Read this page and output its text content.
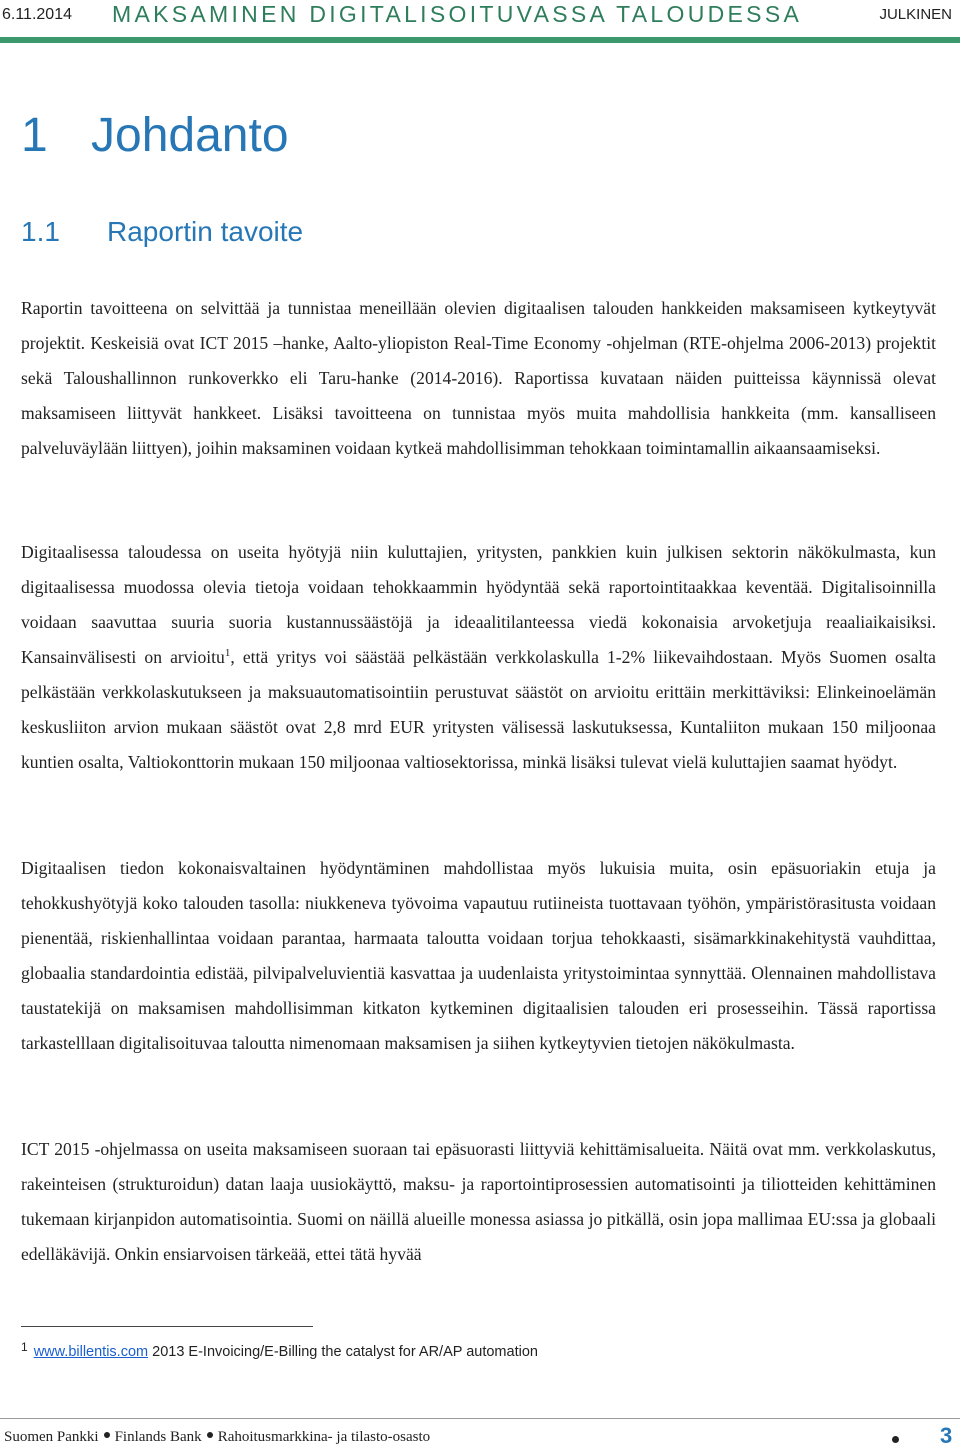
6.11.2014 MAKSAMINEN DIGITALISOITUVASSA TALOUDESSA	JULKINEN
1 Johdanto
1.1 Raportin tavoite

Raportin tavoitteena on selvittää ja tunnistaa meneillään olevien digitaalisen talouden hankkeiden maksamiseen kytkeytyvät projektit. Keskeisiä ovat ICT 2015 –hanke, Aalto-yliopiston Real-Time Economy -ohjelman (RTE-ohjelma 2006-2013) projektit sekä Taloushallinnon runkoverkko eli Taru-hanke (2014-2016). Raportissa kuvataan näiden puitteissa käynnissä olevat maksamiseen liittyvät hankkeet. Lisäksi tavoitteena on tunnistaa myös muita mahdollisia hankkeita (mm. kansalliseen palveluväylään liittyen), joihin maksaminen voidaan kytkeä mahdollisimman tehokkaan toimintamallin aikaansaamiseksi.

Digitaalisessa taloudessa on useita hyötyjä niin kuluttajien, yritysten, pankkien kuin julkisen sektorin näkökulmasta, kun digitaalisessa muodossa olevia tietoja voidaan tehokkaammin hyödyntää sekä raportointitaakkaa keventää. Digitalisoinnilla voidaan saavuttaa suuria suoria kustannussäästöjä ja ideaalitilanteessa viedä kokonaisia arvoketjuja reaaliaikaisiksi. Kansainvälisesti on arvioitu$^1$, että yritys voi säästää pelkästään verkkolaskulla 1-2% liikevaihdostaan. Myös Suomen osalta pelkästään verkkolaskutukseen ja maksuautomatisointiin perustuvat säästöt on arvioitu erittäin merkittäviksi: Elinkeinoelämän keskusliiton arvion mukaan säästöt ovat 2,8 mrd EUR yritysten välisessä laskutuksessa, Kuntaliiton mukaan 150 miljoonaa kuntien osalta, Valtiokonttorin mukaan 150 miljoonaa valtiosektorissa, minkä lisäksi tulevat vielä kuluttajien saamat hyödyt.

Digitaalisen tiedon kokonaisvaltainen hyödyntäminen mahdollistaa myös lukuisia muita, osin epäsuoriakin etuja ja tehokkushyötyjä koko talouden tasolla: niukkeneva työvoima vapautuu rutiineista tuottavaan työhön, ympäristörasitusta voidaan pienentää, riskienhallintaa voidaan parantaa, harmaata taloutta voidaan torjua tehokkaasti, sisämarkkinakehitystä vauhdittaa, globaalia standardointia edistää, pilvipalveluvientiä kasvattaa ja uudenlaista yritystoimintaa synnyttää. Olennainen mahdollistava taustatekijä on maksamisen mahdollisimman kitkaton kytkeminen digitaalisien talouden eri prosesseihin. Tässä raportissa tarkastelllaan digitalisoituvaa taloutta nimenomaan maksamisen ja siihen kytkeytyvien tietojen näkökulmasta.

ICT 2015 -ohjelmassa on useita maksamiseen suoraan tai epäsuorasti liittyviä kehittämisalueita. Näitä ovat mm. verkkolaskutus, rakeinteisen (strukturoidun) datan laaja uusiokäyttö, maksu- ja raportointiprosessien automatisointi ja tiliotteiden kehittäminen tukemaan kirjanpidon automatisointia. Suomi on näillä alueille monessa asiassa jo pitkällä, osin jopa mallimaa EU:ssa ja globaali edelläkävijä. Onkin ensiarvoisen tärkeää, ettei tätä hyvää

$^1$ www.billentis.com 2013 E-Invoicing/E-Billing the catalyst for AR/AP automation
Suomen Pankki Finlands Bank Rahoitusmarkkina- ja tilasto-osasto	3
